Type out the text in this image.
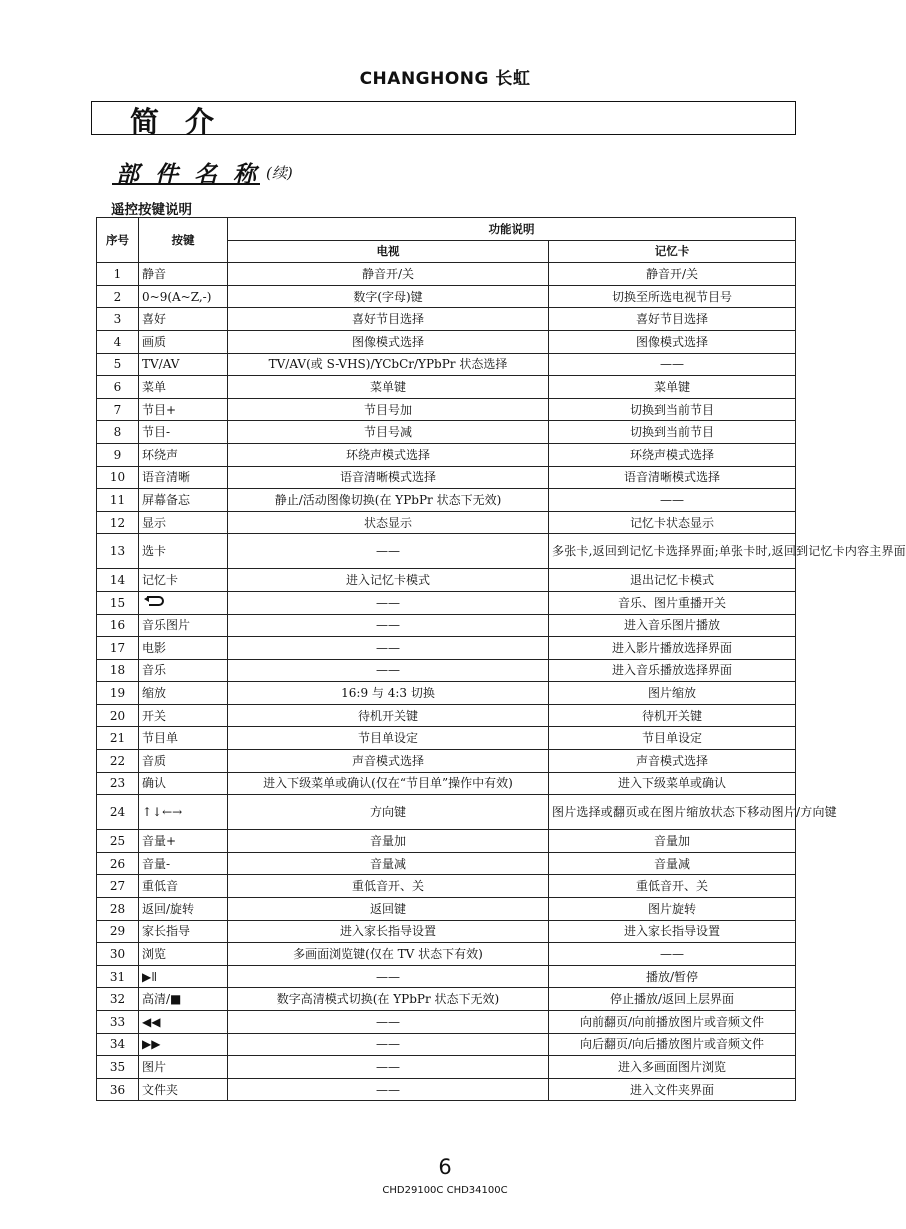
CHANGHONG 长虹
简介
部件名称
(续)
遥控按键说明
序号	按键	功能说明	
		电视	记忆卡
1	静音	静音开/关	静音开/关
2	0~9(A~Z,-)	数字(字母)键	切换至所选电视节目号
3	喜好	喜好节目选择	喜好节目选择
4	画质	图像模式选择	图像模式选择
5	TV/AV	TV/AV(或 S-VHS)/YCbCr/YPbPr 状态选择	——
6	菜单	菜单键	菜单键
7	节目+	节目号加	切换到当前节目
8	节目-	节目号减	切换到当前节目
9	环绕声	环绕声模式选择	环绕声模式选择
10	语音清晰	语音清晰模式选择	语音清晰模式选择
11	屏幕备忘	静止/活动图像切换(在 YPbPr 状态下无效)	——
12	显示	状态显示	记忆卡状态显示
13	选卡	——	多张卡,返回到记忆卡选择界面;单张卡时,返回到记忆卡内容主界面
14	记忆卡	进入记忆卡模式	退出记忆卡模式
15		——	音乐、图片重播开关
16	音乐图片	——	进入音乐图片播放
17	电影	——	进入影片播放选择界面
18	音乐	——	进入音乐播放选择界面
19	缩放	16:9 与 4:3 切换	图片缩放
20	开关	待机开关键	待机开关键
21	节目单	节目单设定	节目单设定
22	音质	声音模式选择	声音模式选择
23	确认	进入下级菜单或确认(仅在“节目单”操作中有效)	进入下级菜单或确认
24	↑↓←→	方向键	图片选择或翻页或在图片缩放状态下移动图片/方向键
25	音量+	音量加	音量加
26	音量-	音量减	音量减
27	重低音	重低音开、关	重低音开、关
28	返回/旋转	返回键	图片旋转
29	家长指导	进入家长指导设置	进入家长指导设置
30	浏览	多画面浏览键(仅在 TV 状态下有效)	——
31	▶ǁ	——	播放/暂停
32	高清/■	数字高清模式切换(在 YPbPr 状态下无效)	停止播放/返回上层界面
33	◀◀	——	向前翻页/向前播放图片或音频文件
34	▶▶	——	向后翻页/向后播放图片或音频文件
35	图片	——	进入多画面图片浏览
36	文件夹	——	进入文件夹界面
6
CHD29100C CHD34100C
